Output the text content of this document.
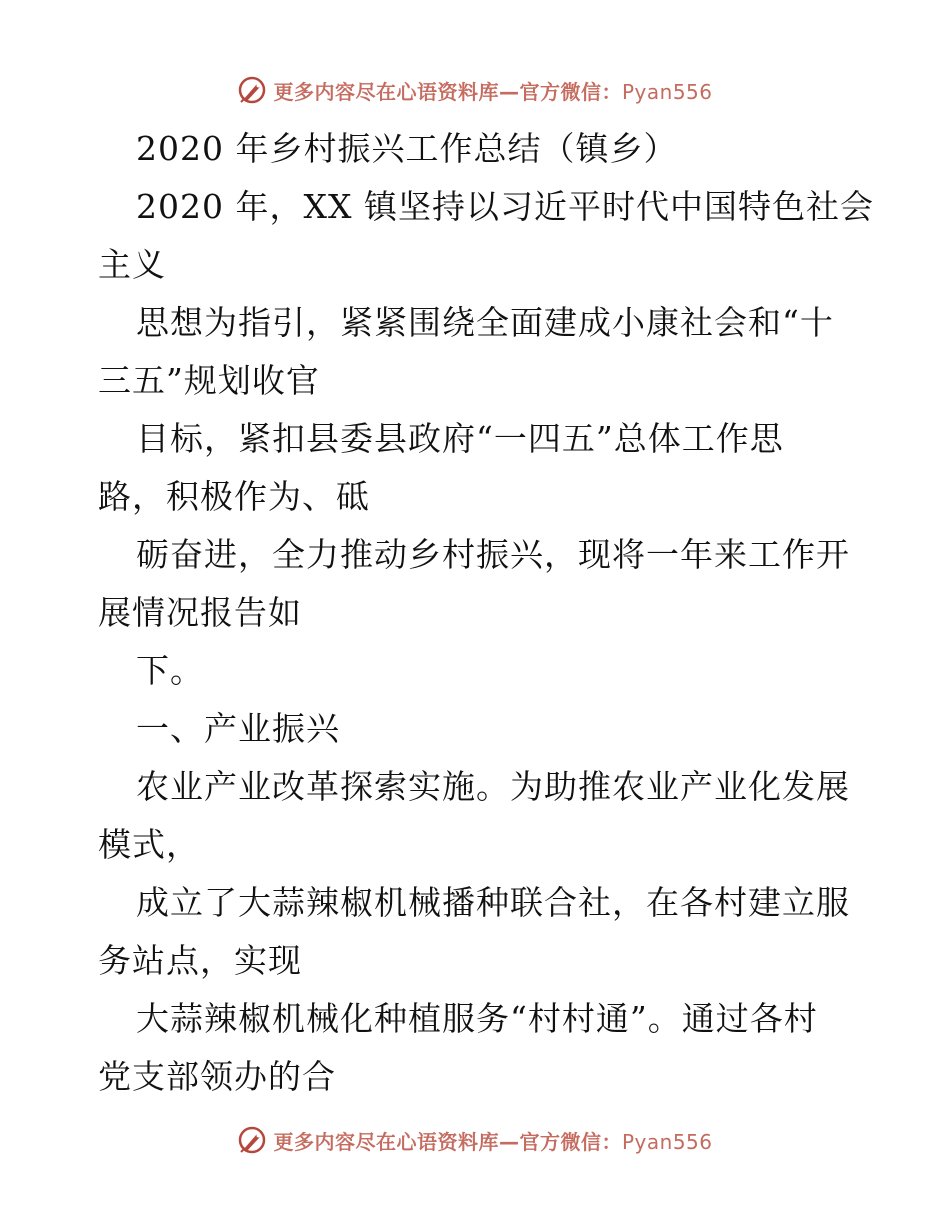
更多内容尽在心语资料库—官方微信：Pyan556

2020 年乡村振兴工作总结（镇乡）

2020 年，XX 镇坚持以习近平时代中国特色社会

主义

思想为指引，紧紧围绕全面建成小康社会和“十

三五”规划收官

目标，紧扣县委县政府“一四五”总体工作思

路，积极作为、砥

砺奋进，全力推动乡村振兴，现将一年来工作开

展情况报告如

下。

一、产业振兴

农业产业改革探索实施。为助推农业产业化发展

模式，

成立了大蒜辣椒机械播种联合社，在各村建立服

务站点，实现

大蒜辣椒机械化种植服务“村村通”。通过各村

党支部领办的合

更多内容尽在心语资料库—官方微信：Pyan556
